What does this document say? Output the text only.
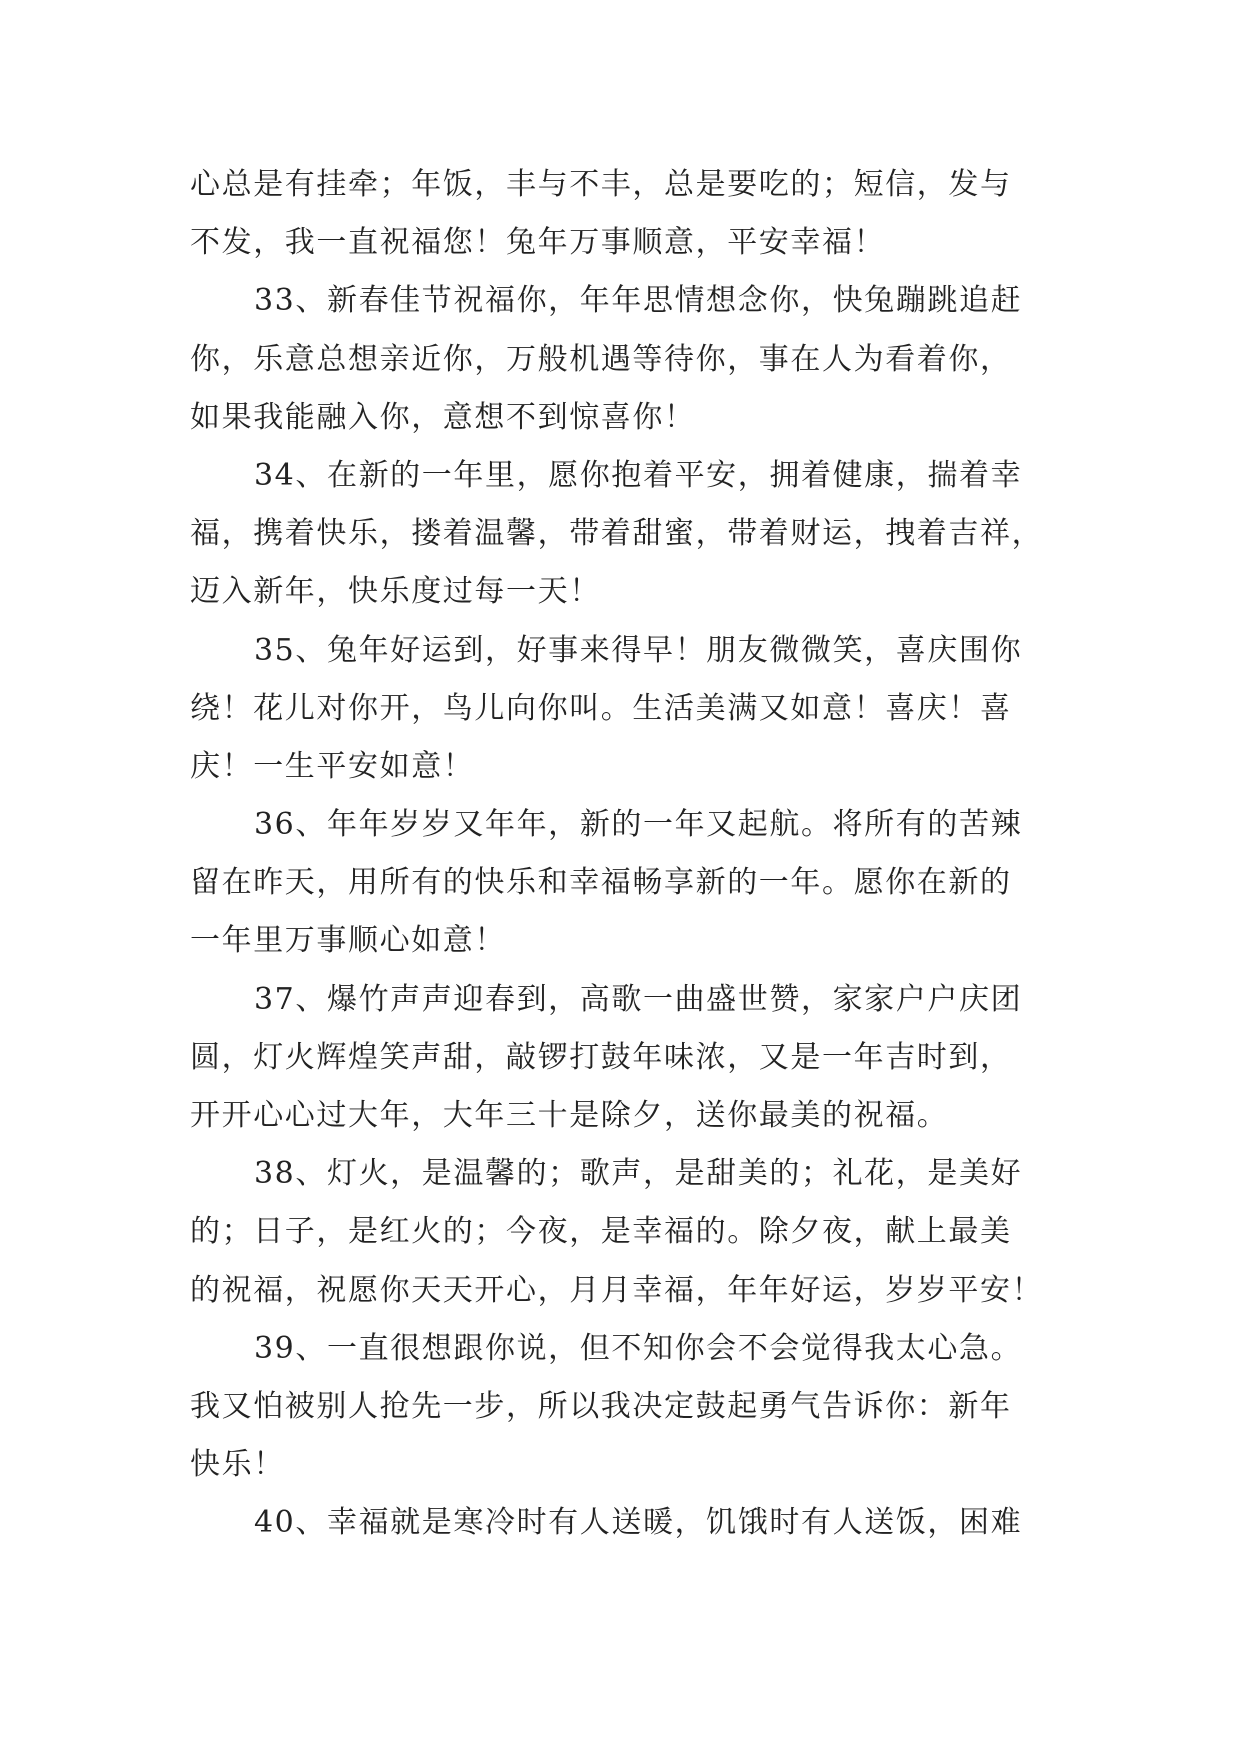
心总是有挂牵；年饭，丰与不丰，总是要吃的；短信，发与
不发，我一直祝福您！兔年万事顺意，平安幸福！
33、新春佳节祝福你，年年思情想念你，快兔蹦跳追赶
你，乐意总想亲近你，万般机遇等待你，事在人为看着你，
如果我能融入你，意想不到惊喜你！
34、在新的一年里，愿你抱着平安，拥着健康，揣着幸
福，携着快乐，搂着温馨，带着甜蜜，带着财运，拽着吉祥，
迈入新年，快乐度过每一天！
35、兔年好运到，好事来得早！朋友微微笑，喜庆围你
绕！花儿对你开，鸟儿向你叫。生活美满又如意！喜庆！喜
庆！一生平安如意！
36、年年岁岁又年年，新的一年又起航。将所有的苦辣
留在昨天，用所有的快乐和幸福畅享新的一年。愿你在新的
一年里万事顺心如意！
37、爆竹声声迎春到，高歌一曲盛世赞，家家户户庆团
圆，灯火辉煌笑声甜，敲锣打鼓年味浓，又是一年吉时到，
开开心心过大年，大年三十是除夕，送你最美的祝福。
38、灯火，是温馨的；歌声，是甜美的；礼花，是美好
的；日子，是红火的；今夜，是幸福的。除夕夜，献上最美
的祝福，祝愿你天天开心，月月幸福，年年好运，岁岁平安！
39、一直很想跟你说，但不知你会不会觉得我太心急。
我又怕被别人抢先一步，所以我决定鼓起勇气告诉你：新年
快乐！
40、幸福就是寒冷时有人送暖，饥饿时有人送饭，困难
